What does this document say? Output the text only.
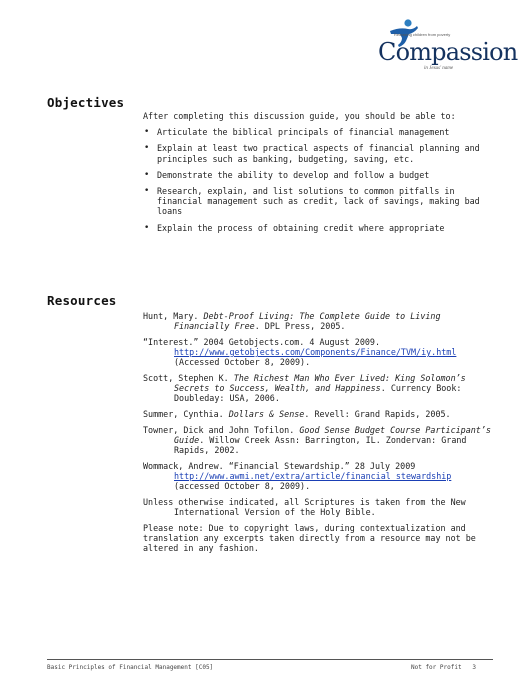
Releasing children from poverty
Compassion
in Jesus' name
Objectives

After completing this discussion guide, you should be able to:

• Articulate the biblical principals of financial management
• Explain at least two practical aspects of financial planning and principles such as banking, budgeting, saving, etc.
• Demonstrate the ability to develop and follow a budget
• Research, explain, and list solutions to common pitfalls in financial management such as credit, lack of savings, making bad loans
• Explain the process of obtaining credit where appropriate
Resources

Hunt, Mary. Debt-Proof Living: The Complete Guide to Living Financially Free. DPL Press, 2005.

“Interest.” 2004 Getobjects.com. 4 August 2009. http://www.getobjects.com/Components/Finance/TVM/iy.html (Accessed October 8, 2009).

Scott, Stephen K. The Richest Man Who Ever Lived: King Solomon’s Secrets to Success, Wealth, and Happiness. Currency Book: Doubleday: USA, 2006.

Summer, Cynthia. Dollars & Sense. Revell: Grand Rapids, 2005.

Towner, Dick and John Tofilon. Good Sense Budget Course Participant’s Guide. Willow Creek Assn: Barrington, IL. Zondervan: Grand Rapids, 2002.

Wommack, Andrew. “Financial Stewardship.” 28 July 2009 http://www.awmi.net/extra/article/financial_stewardship (accessed October 8, 2009).

Unless otherwise indicated, all Scriptures is taken from the New International Version of the Holy Bible.

Please note: Due to copyright laws, during contextualization and translation any excerpts taken directly from a resource may not be altered in any fashion.

Basic Principles of Financial Management [C05]	Not for Profit 3
